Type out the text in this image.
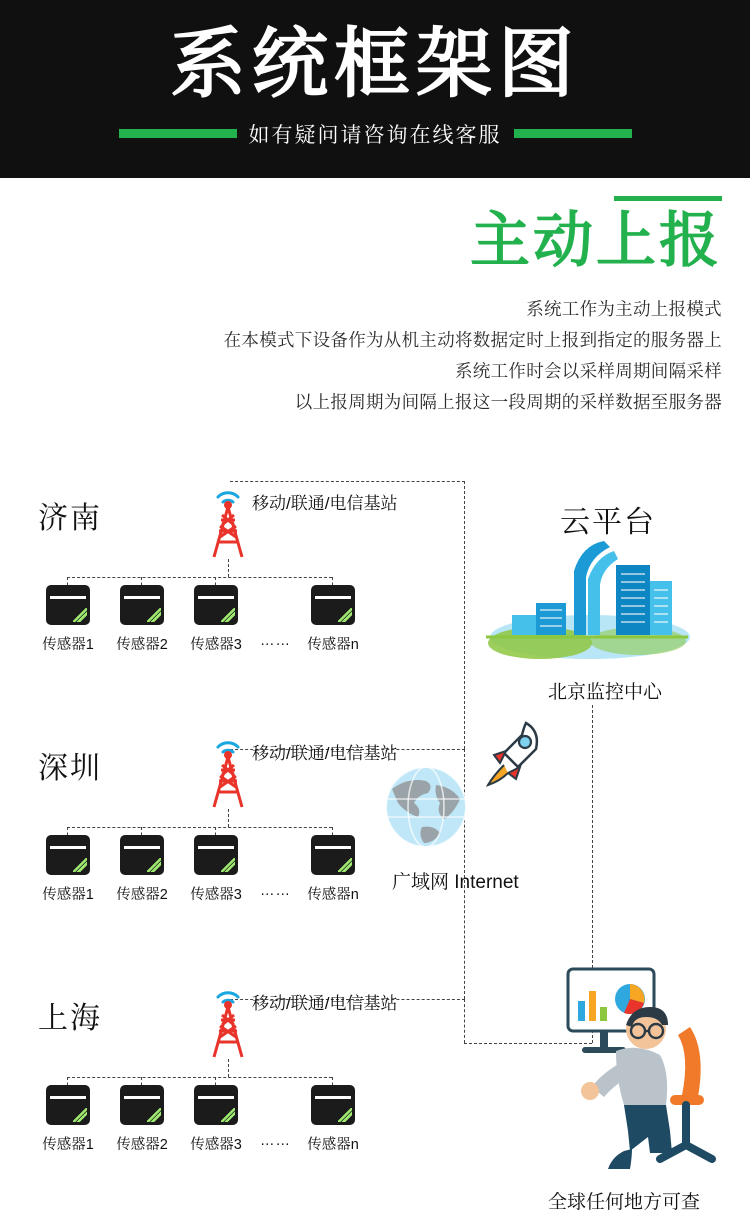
系统框架图
如有疑问请咨询在线客服
主动上报
系统工作为主动上报模式
在本模式下设备作为从机主动将数据定时上报到指定的服务器上
系统工作时会以采样周期间隔采样
以上报周期为间隔上报这一段周期的采样数据至服务器
济南	移动/联通/电信基站
传感器1 传感器2 传感器3 …… 传感器n
深圳	移动/联通/电信基站
传感器1 传感器2 传感器3 …… 传感器n
上海	移动/联通/电信基站
传感器1 传感器2 传感器3 …… 传感器n
云平台
北京监控中心
广域网 Internet
全球任何地方可查
